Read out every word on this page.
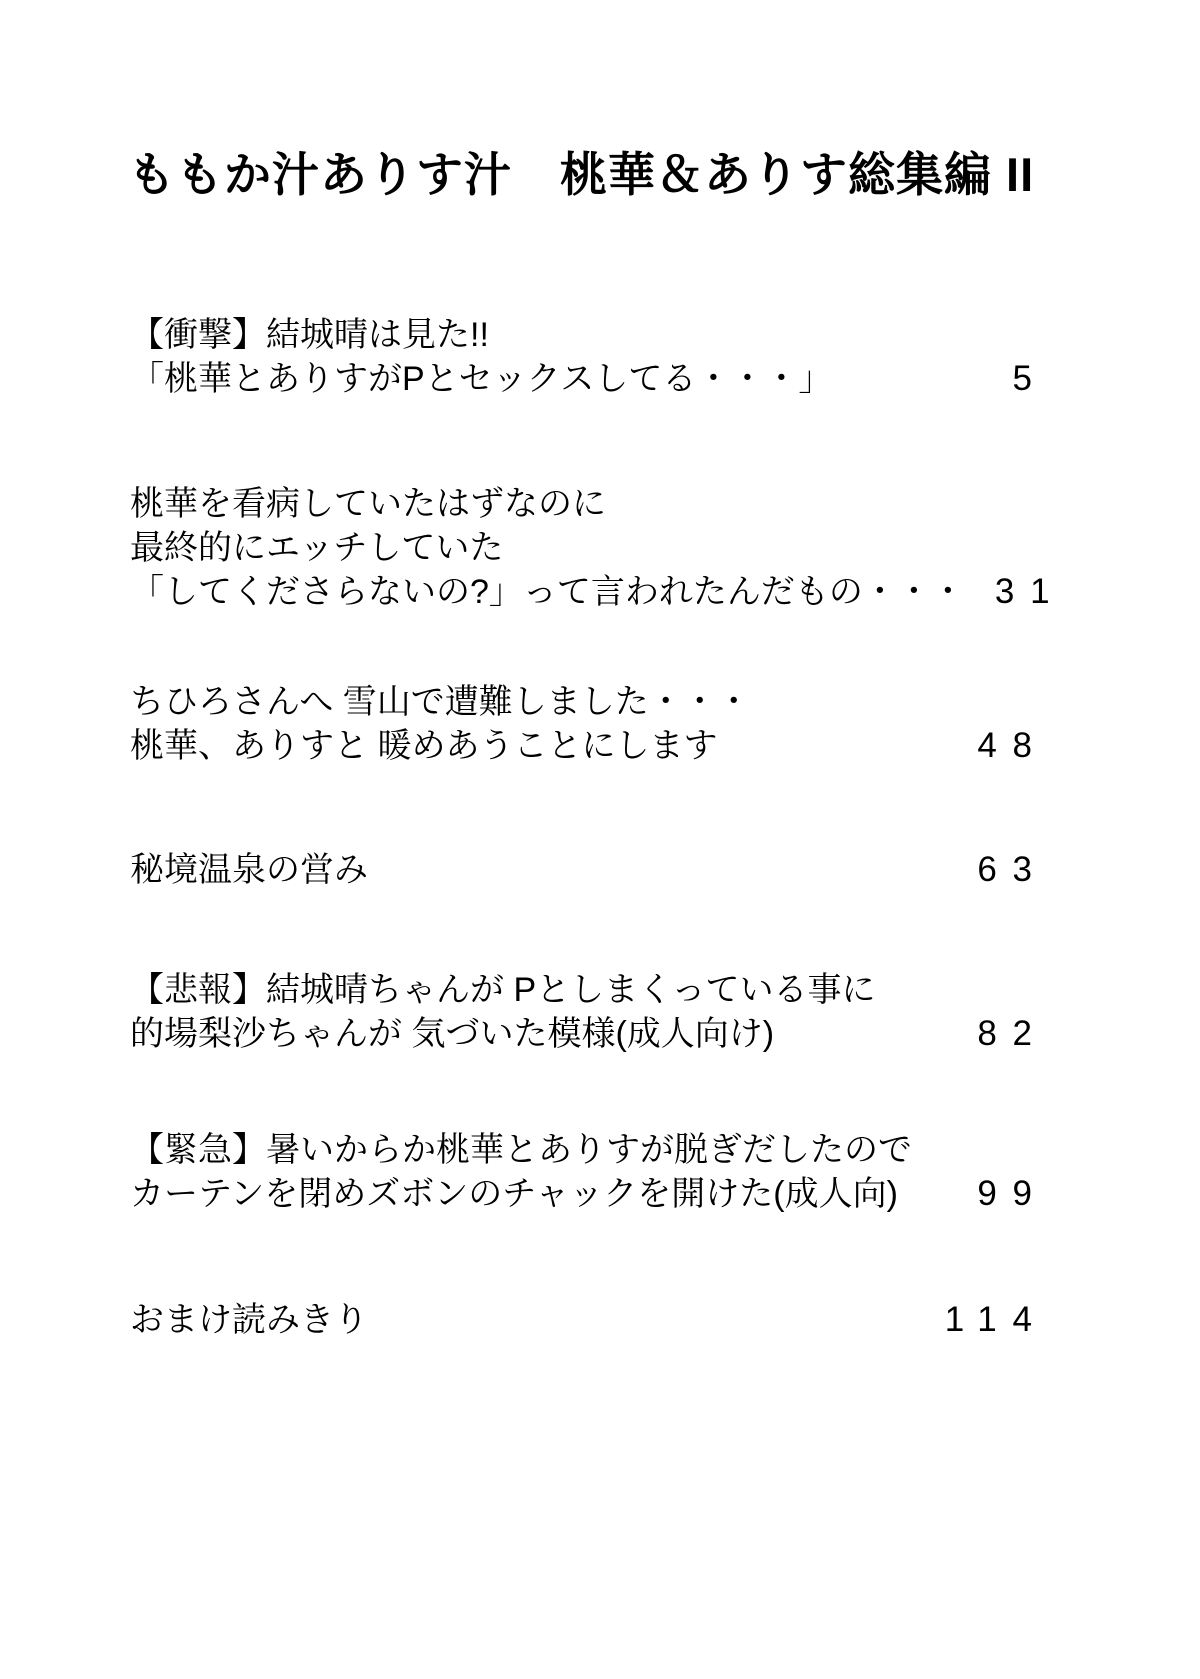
ももか汁ありす汁　桃華＆ありす総集編 II
【衝撃】結城晴は見た!!
「桃華とありすがPとセックスしてる・・・」	5
桃華を看病していたはずなのに
最終的にエッチしていた
「してくださらないの?」って言われたんだもの・・・ 31
ちひろさんへ 雪山で遭難しました・・・
桃華、ありすと 暖めあうことにします	48
秘境温泉の営み	63
【悲報】結城晴ちゃんが Pとしまくっている事に
的場梨沙ちゃんが 気づいた模様(成人向け)	82
【緊急】暑いからか桃華とありすが脱ぎだしたので
カーテンを閉めズボンのチャックを開けた(成人向)	99
おまけ読みきり	114
